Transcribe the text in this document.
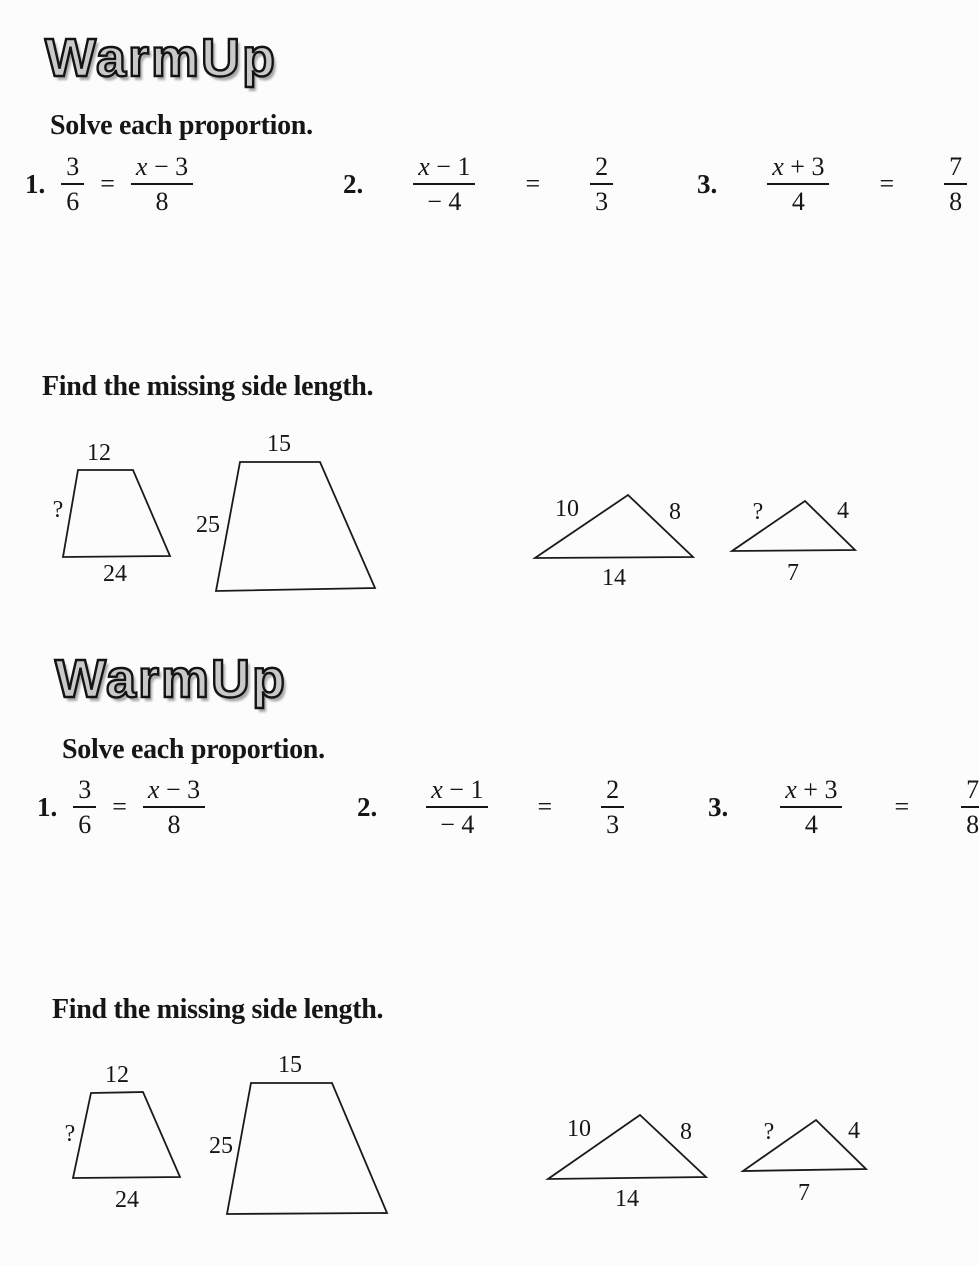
WarmUp
Solve each proportion.
1. $\frac{3}{6} = \frac{x - 3}{8}$	2. $\frac{x - 1}{- 4} = \frac{2}{3}$	3. $\frac{x + 3}{4} = \frac{7}{8}$
Find the missing side length.
WarmUp
Solve each proportion.
1. $\frac{3}{6} = \frac{x - 3}{8}$	2. $\frac{x - 1}{- 4} = \frac{2}{3}$	3. $\frac{x + 3}{4} = \frac{7}{8}$
Find the missing side length.
12
?
24
15
25
10	8
14
?	4
7
12
?
24
15
25
10	8
14
?	4
7
